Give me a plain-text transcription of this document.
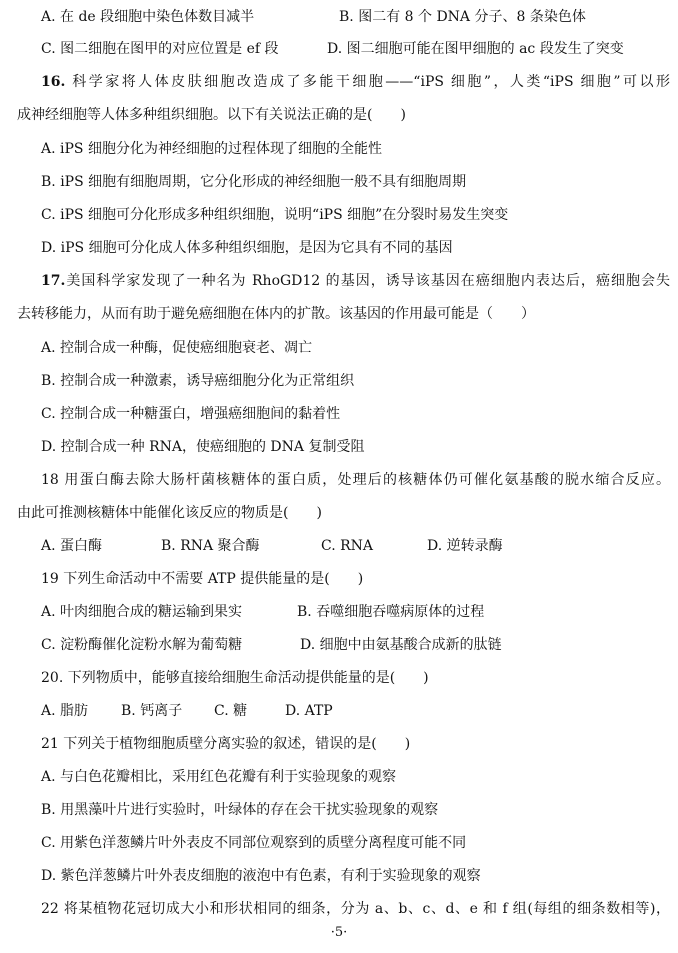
A. 在 de 段细胞中染色体数目减半	B. 图二有 8 个 DNA 分子、8 条染色体
C. 图二细胞在图甲的对应位置是 ef 段	D. 图二细胞可能在图甲细胞的 ac 段发生了突变
16. 科学家将人体皮肤细胞改造成了多能干细胞——“iPS 细胞”，人类“iPS 细胞”可以形
成神经细胞等人体多种组织细胞。以下有关说法正确的是(　　)
A. iPS 细胞分化为神经细胞的过程体现了细胞的全能性
B. iPS 细胞有细胞周期，它分化形成的神经细胞一般不具有细胞周期
C. iPS 细胞可分化形成多种组织细胞，说明“iPS 细胞”在分裂时易发生突变
D. iPS 细胞可分化成人体多种组织细胞，是因为它具有不同的基因
17.美国科学家发现了一种名为 RhoGD12 的基因，诱导该基因在癌细胞内表达后，癌细胞会失
去转移能力，从而有助于避免癌细胞在体内的扩散。该基因的作用最可能是（　　）
A. 控制合成一种酶，促使癌细胞衰老、凋亡
B. 控制合成一种激素，诱导癌细胞分化为正常组织
C. 控制合成一种糖蛋白，增强癌细胞间的黏着性
D. 控制合成一种 RNA，使癌细胞的 DNA 复制受阻
18 用蛋白酶去除大肠杆菌核糖体的蛋白质，处理后的核糖体仍可催化氨基酸的脱水缩合反应。
由此可推测核糖体中能催化该反应的物质是(　　)
A. 蛋白酶	B. RNA 聚合酶	C. RNA	D. 逆转录酶
19 下列生命活动中不需要 ATP 提供能量的是(　　)
A. 叶肉细胞合成的糖运输到果实	B. 吞噬细胞吞噬病原体的过程
C. 淀粉酶催化淀粉水解为葡萄糖	D. 细胞中由氨基酸合成新的肽链
20. 下列物质中，能够直接给细胞生命活动提供能量的是(　　)
A. 脂肪 B. 钙离子 C. 糖	D. ATP
21 下列关于植物细胞质壁分离实验的叙述，错误的是(　　)
A. 与白色花瓣相比，采用红色花瓣有利于实验现象的观察
B. 用黑藻叶片进行实验时，叶绿体的存在会干扰实验现象的观察
C. 用紫色洋葱鳞片叶外表皮不同部位观察到的质壁分离程度可能不同
D. 紫色洋葱鳞片叶外表皮细胞的液泡中有色素，有利于实验现象的观察
22 将某植物花冠切成大小和形状相同的细条，分为 a、b、c、d、e 和 f 组(每组的细条数相等)，
·5·
